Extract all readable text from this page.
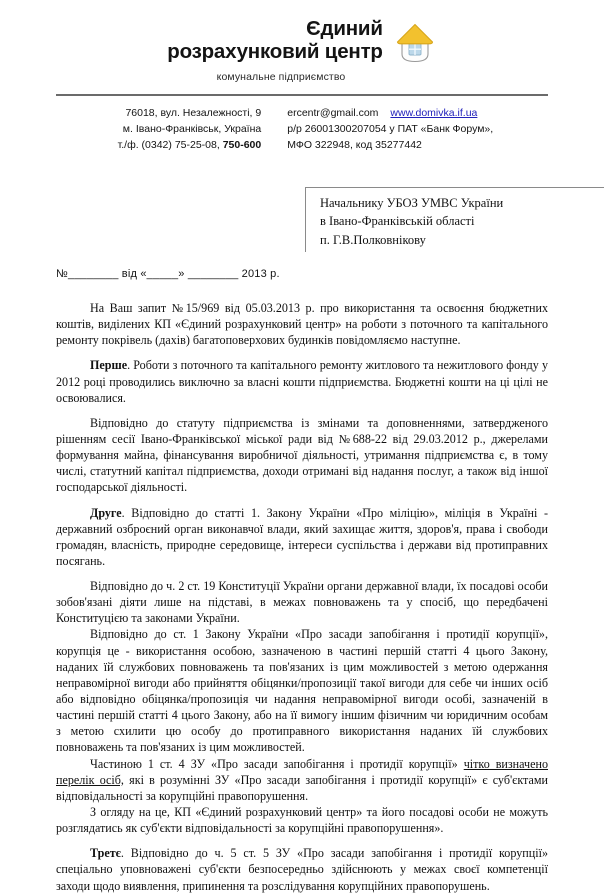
Єдиний
розрахунковий центр
комунальне підприємство
76018, вул. Незалежності, 9
м. Івано-Франківськ, Україна
т./ф. (0342) 75-25-08, 750-600
ercentr@gmail.com www.domivka.if.ua
р/р 26001300207054 у ПАТ «Банк Форум»,
МФО 322948, код 35277442
Начальнику УБОЗ УМВС України
в Івано-Франківській області
п. Г.В.Полковнікову
№________ від «_____» ________ 2013 р.

На Ваш запит №15/969 від 05.03.2013 р. про використання та освоєння бюджетних коштів, виділених КП «Єдиний розрахунковий центр» на роботи з поточного та капітального ремонту покрівель (дахів) багатоповерхових будинків повідомляємо наступне.

Перше. Роботи з поточного та капітального ремонту житлового та нежитлового фонду у 2012 році проводились виключно за власні кошти підприємства. Бюджетні кошти на ці цілі не освоювалися.

Відповідно до статуту підприємства із змінами та доповненнями, затвердженого рішенням сесії Івано-Франківської міської ради від №688-22 від 29.03.2012 р., джерелами формування майна, фінансування виробничої діяльності, утримання підприємства є, в тому числі, статутний капітал підприємства, доходи отримані від надання послуг, а також від іншої господарської діяльності.

Друге. Відповідно до статті 1. Закону України «Про міліцію», міліція в Україні - державний озброєний орган виконавчої влади, який захищає життя, здоров'я, права і свободи громадян, власність, природне середовище, інтереси суспільства і держави від протиправних посягань.

Відповідно до ч. 2 ст. 19 Конституції України органи державної влади, їх посадові особи зобов'язані діяти лише на підставі, в межах повноважень та у спосіб, що передбачені Конституцією та законами України.

Відповідно до ст. 1 Закону України «Про засади запобігання і протидії корупції», корупція це - використання особою, зазначеною в частині першій статті 4 цього Закону, наданих їй службових повноважень та пов'язаних із цим можливостей з метою одержання неправомірної вигоди або прийняття обіцянки/пропозиції такої вигоди для себе чи інших осіб або відповідно обіцянка/пропозиція чи надання неправомірної вигоди особі, зазначеній в частині першій статті 4 цього Закону, або на її вимогу іншим фізичним чи юридичним особам з метою схилити цю особу до протиправного використання наданих їй службових повноважень та пов'язаних із цим можливостей.

Частиною 1 ст. 4 ЗУ «Про засади запобігання і протидії корупції» чітко визначено перелік осіб, які в розумінні ЗУ «Про засади запобігання і протидії корупції» є суб'єктами відповідальності за корупційні правопорушення.

З огляду на це, КП «Єдиний розрахунковий центр» та його посадові особи не можуть розглядатись як суб'єкти відповідальності за корупційні правопорушення».

Третє. Відповідно до ч. 5 ст. 5 ЗУ «Про засади запобігання і протидії корупції» спеціально уповноважені суб'єкти безпосередньо здійснюють у межах своєї компетенції заходи щодо виявлення, припинення та розслідування корупційних правопорушень.
